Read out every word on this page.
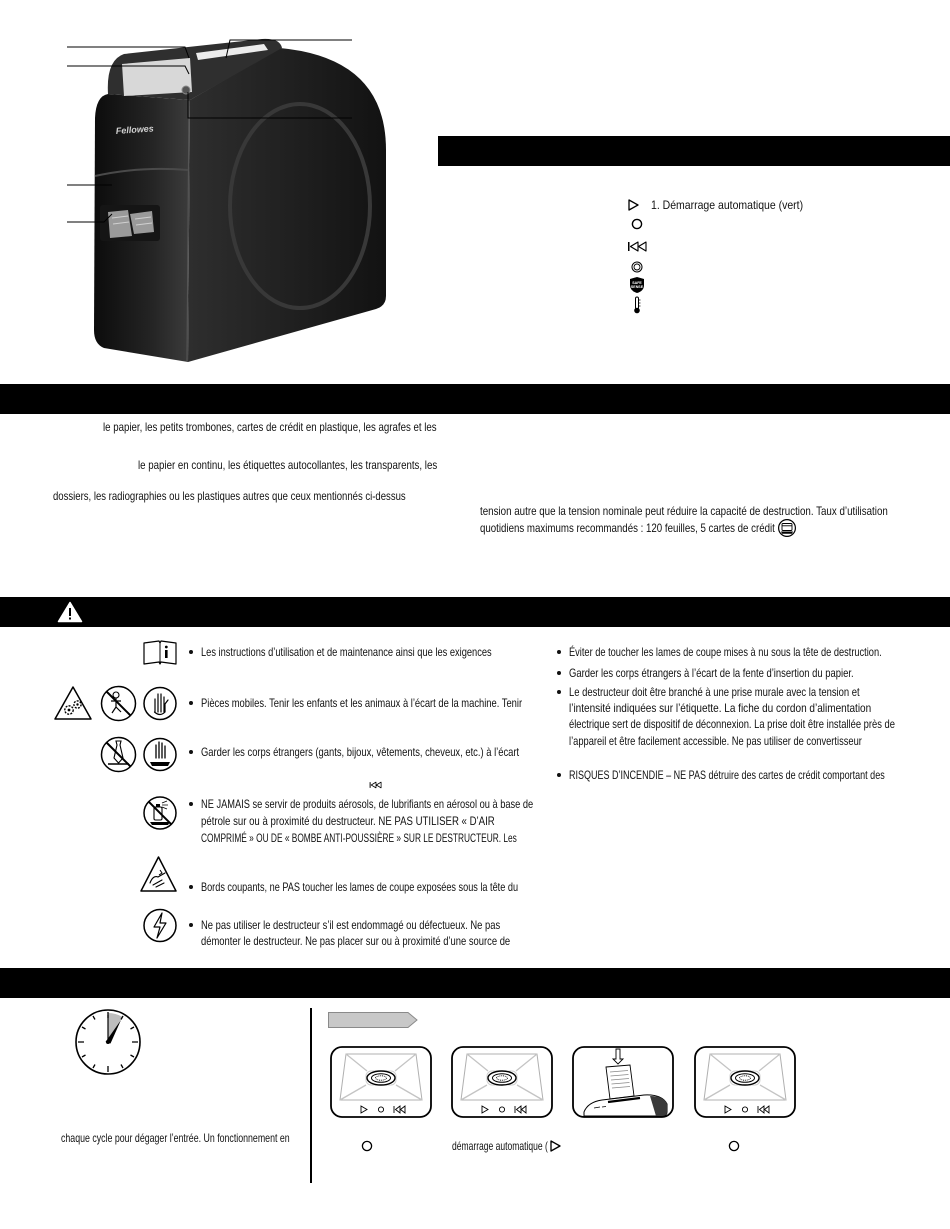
Fellowes
1. Démarrage automatique (vert)
SAFE
SENSE
le papier, les petits trombones, cartes de crédit en plastique, les agrafes et les
le papier en continu, les étiquettes autocollantes, les transparents, les
dossiers, les radiographies ou les plastiques autres que ceux mentionnés ci-dessus
tension autre que la tension nominale peut réduire la capacité de destruction. Taux d’utilisation
quotidiens maximums recommandés : 120 feuilles, 5 cartes de crédit
Les instructions d’utilisation et de maintenance ainsi que les exigences
Pièces mobiles. Tenir les enfants et les animaux à l’écart de la machine. Tenir
Garder les corps étrangers (gants, bijoux, vêtements, cheveux, etc.) à l’écart
NE JAMAIS se servir de produits aérosols, de lubrifiants en aérosol ou à base de
pétrole sur ou à proximité du destructeur. NE PAS UTILISER « D’AIR
COMPRIMÉ » OU DE « BOMBE ANTI-POUSSIÈRE » SUR LE DESTRUCTEUR. Les
Bords coupants, ne PAS toucher les lames de coupe exposées sous la tête du
Ne pas utiliser le destructeur s’il est endommagé ou défectueux. Ne pas
démonter le destructeur. Ne pas placer sur ou à proximité d’une source de
Éviter de toucher les lames de coupe mises à nu sous la tête de destruction.
Garder les corps étrangers à l’écart de la fente d’insertion du papier.
Le destructeur doit être branché à une prise murale avec la tension et
l’intensité indiquées sur l’étiquette. La fiche du cordon d’alimentation
électrique sert de dispositif de déconnexion. La prise doit être installée près de
l’appareil et être facilement accessible. Ne pas utiliser de convertisseur
RISQUES D’INCENDIE – NE PAS détruire des cartes de crédit comportant des
chaque cycle pour dégager l’entrée. Un fonctionnement en
démarrage automatique (
